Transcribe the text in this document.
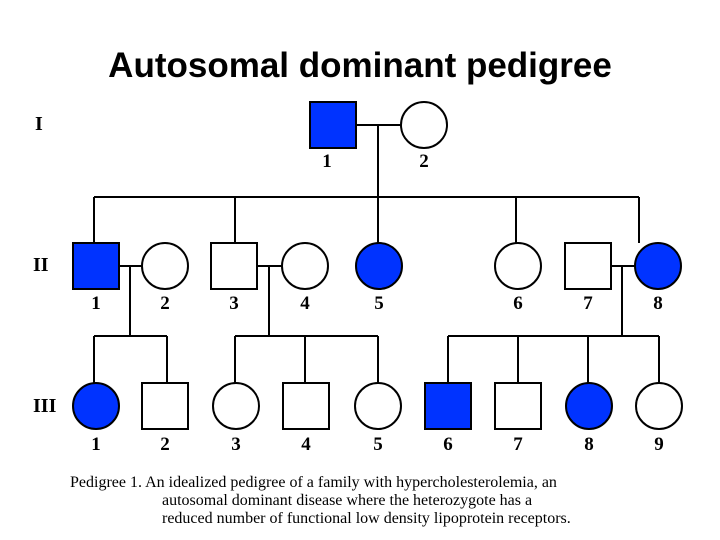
Autosomal dominant pedigree
I
1	2
II
1	2	3	4	5	6	7	8
III
1	2	3	4	5	6	7	8	9
Pedigree 1. An idealized pedigree of a family with hypercholesterolemia, an
autosomal dominant disease where the heterozygote has a
reduced number of functional low density lipoprotein receptors.
